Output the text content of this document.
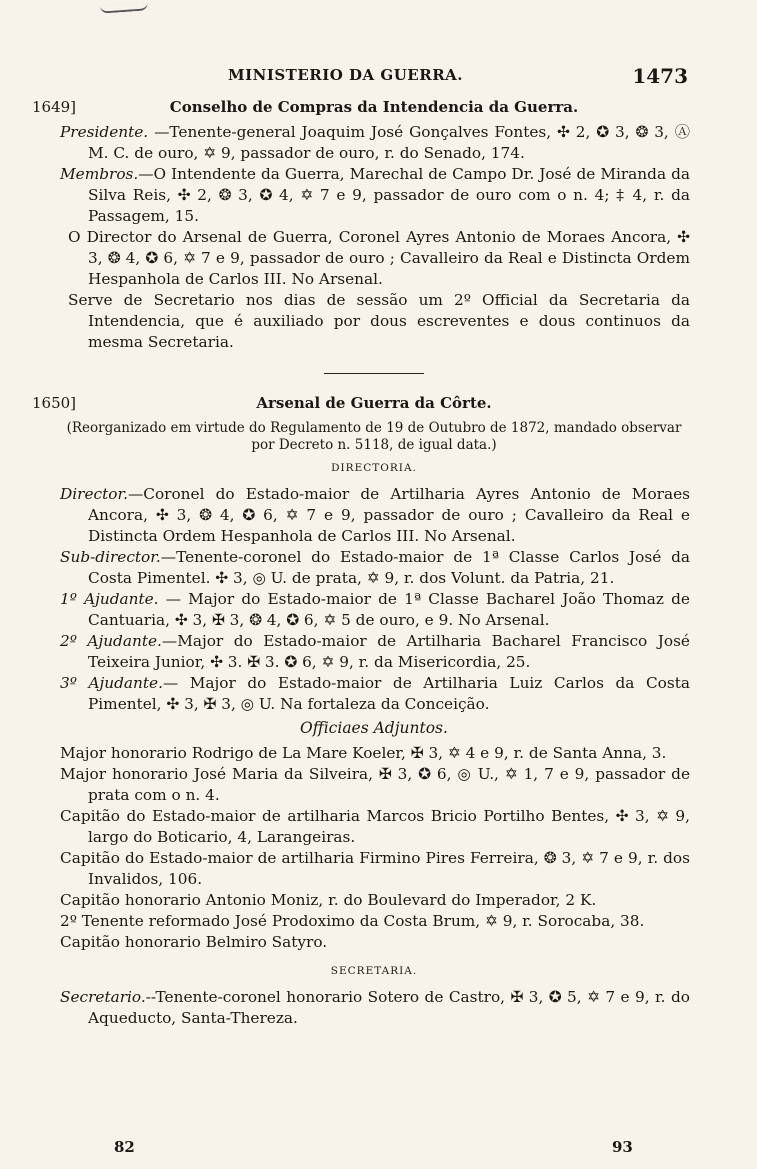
MINISTERIO DA GUERRA.	1473
1649]	Conselho de Compras da Intendencia da Guerra.

Presidente. —Tenente-general Joaquim José Gonçalves Fontes, ✣ 2, ✪ 3, ❂ 3, Ⓐ M. C. de ouro, ✡ 9, passador de ouro, r. do Senado, 174.

Membros.—O Intendente da Guerra, Marechal de Campo Dr. José de Miranda da Silva Reis, ✣ 2, ❂ 3, ✪ 4, ✡ 7 e 9, passador de ouro com o n. 4; ‡ 4, r. da Passagem, 15.

O Director do Arsenal de Guerra, Coronel Ayres Antonio de Moraes Ancora, ✣ 3, ❂ 4, ✪ 6, ✡ 7 e 9, passador de ouro ; Cavalleiro da Real e Distincta Ordem Hespanhola de Carlos III. No Arsenal.

Serve de Secretario nos dias de sessão um 2º Official da Secretaria da Intendencia, que é auxiliado por dous escreventes e dous continuos da mesma Secretaria.

1650]	Arsenal de Guerra da Côrte.
(Reorganizado em virtude do Regulamento de 19 de Outubro de 1872, mandado observar por Decreto n. 5118, de igual data.)
DIRECTORIA.

Director.—Coronel do Estado-maior de Artilharia Ayres Antonio de Moraes Ancora, ✣ 3, ❂ 4, ✪ 6, ✡ 7 e 9, passador de ouro ; Cavalleiro da Real e Distincta Ordem Hespanhola de Carlos III. No Arsenal.

Sub-director.—Tenente-coronel do Estado-maior de 1ª Classe Carlos José da Costa Pimentel. ✣ 3, ◎ U. de prata, ✡ 9, r. dos Volunt. da Patria, 21.

1º Ajudante. — Major do Estado-maior de 1ª Classe Bacharel João Thomaz de Cantuaria, ✣ 3, ✠ 3, ❂ 4, ✪ 6, ✡ 5 de ouro, e 9. No Arsenal.

2º Ajudante.—Major do Estado-maior de Artilharia Bacharel Francisco José Teixeira Junior, ✣ 3. ✠ 3. ✪ 6, ✡ 9, r. da Misericordia, 25.

3º Ajudante.— Major do Estado-maior de Artilharia Luiz Carlos da Costa Pimentel, ✣ 3, ✠ 3, ◎ U. Na fortaleza da Conceição.

Officiaes Adjuntos.

Major honorario Rodrigo de La Mare Koeler, ✠ 3, ✡ 4 e 9, r. de Santa Anna, 3.

Major honorario José Maria da Silveira, ✠ 3, ✪ 6, ◎ U., ✡ 1, 7 e 9, passador de prata com o n. 4.

Capitão do Estado-maior de artilharia Marcos Bricio Portilho Bentes, ✣ 3, ✡ 9, largo do Boticario, 4, Larangeiras.

Capitão do Estado-maior de artilharia Firmino Pires Ferreira, ❂ 3, ✡ 7 e 9, r. dos Invalidos, 106.

Capitão honorario Antonio Moniz, r. do Boulevard do Imperador, 2 K.

2º Tenente reformado José Prodoximo da Costa Brum, ✡ 9, r. Sorocaba, 38.

Capitão honorario Belmiro Satyro.

SECRETARIA.

Secretario.--Tenente-coronel honorario Sotero de Castro, ✠ 3, ✪ 5, ✡ 7 e 9, r. do Aqueducto, Santa-Thereza.

82	93
